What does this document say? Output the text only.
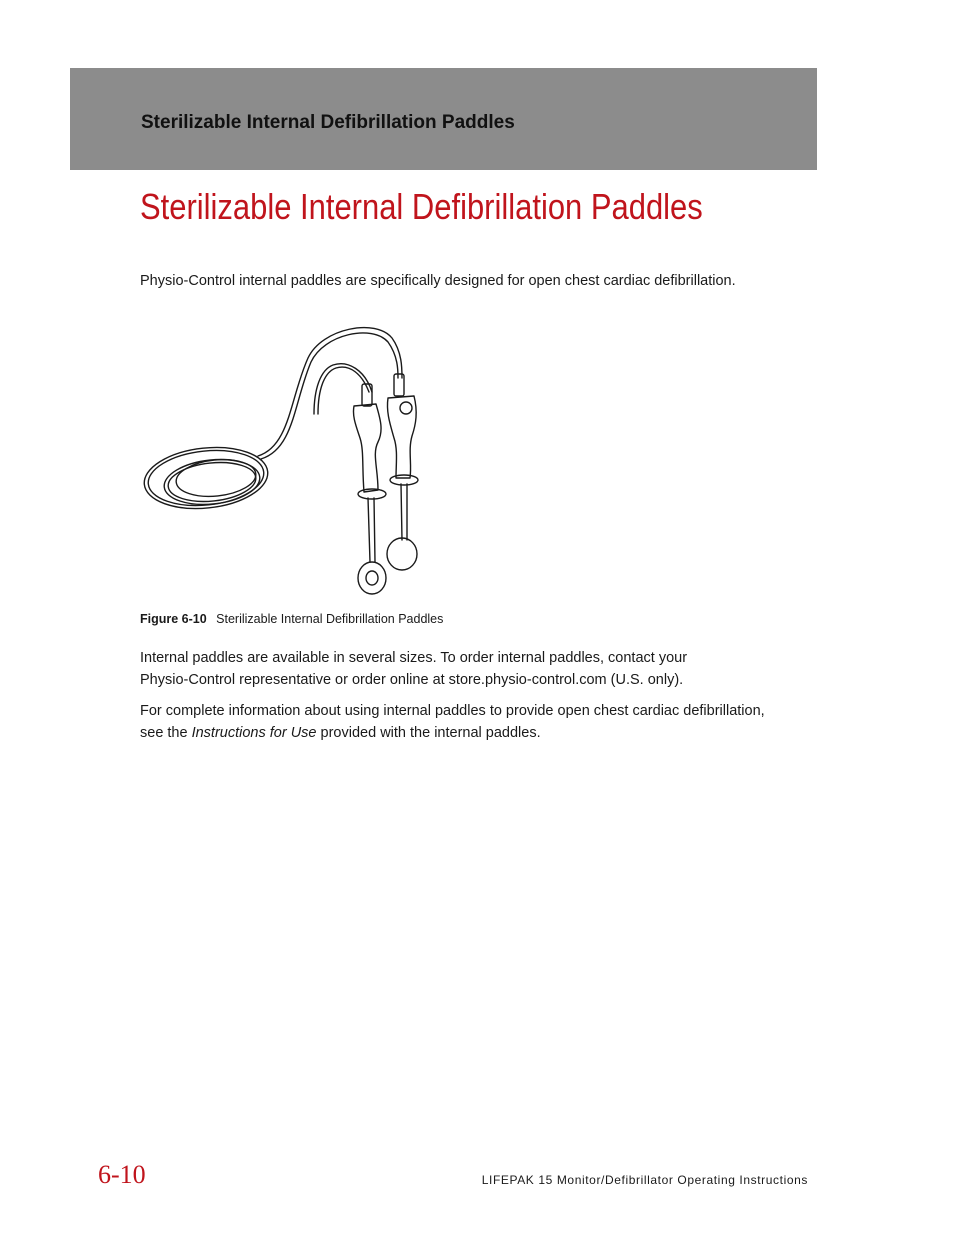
Sterilizable Internal Defibrillation Paddles
Sterilizable Internal Defibrillation Paddles
Physio-Control internal paddles are specifically designed for open chest cardiac defibrillation.
Figure 6-10 Sterilizable Internal Defibrillation Paddles
Internal paddles are available in several sizes. To order internal paddles, contact your
Physio-Control representative or order online at store.physio-control.com (U.S. only).
For complete information about using internal paddles to provide open chest cardiac defibrillation,
see the Instructions for Use provided with the internal paddles.
6-10	LIFEPAK 15 Monitor/Defibrillator Operating Instructions
